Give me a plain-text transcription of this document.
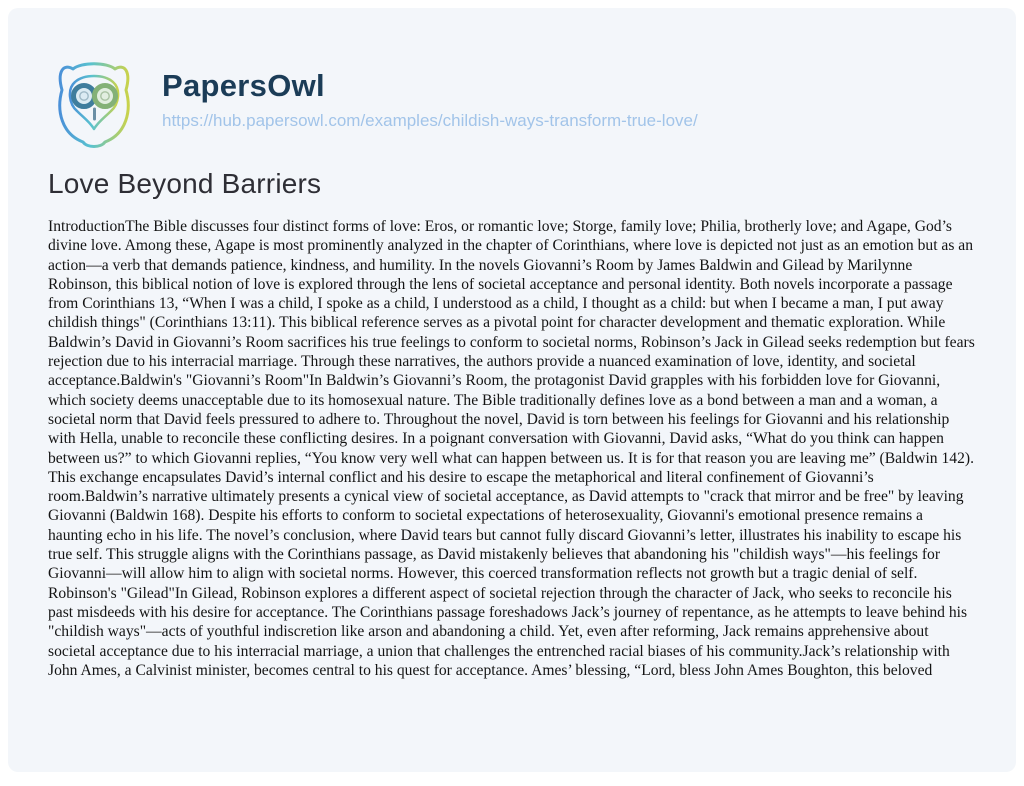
PapersOwl
https://hub.papersowl.com/examples/childish-ways-transform-true-love/
Love Beyond Barriers

IntroductionThe Bible discusses four distinct forms of love: Eros, or romantic love; Storge, family love; Philia, brotherly love; and Agape, God’s divine love. Among these, Agape is most prominently analyzed in the chapter of Corinthians, where love is depicted not just as an emotion but as an action—a verb that demands patience, kindness, and humility. In the novels Giovanni’s Room by James Baldwin and Gilead by Marilynne Robinson, this biblical notion of love is explored through the lens of societal acceptance and personal identity. Both novels incorporate a passage from Corinthians 13, “When I was a child, I spoke as a child, I understood as a child, I thought as a child: but when I became a man, I put away childish things" (Corinthians 13:11). This biblical reference serves as a pivotal point for character development and thematic exploration. While Baldwin’s David in Giovanni’s Room sacrifices his true feelings to conform to societal norms, Robinson’s Jack in Gilead seeks redemption but fears rejection due to his interracial marriage. Through these narratives, the authors provide a nuanced examination of love, identity, and societal acceptance.Baldwin's "Giovanni’s Room"In Baldwin’s Giovanni’s Room, the protagonist David grapples with his forbidden love for Giovanni, which society deems unacceptable due to its homosexual nature. The Bible traditionally defines love as a bond between a man and a woman, a societal norm that David feels pressured to adhere to. Throughout the novel, David is torn between his feelings for Giovanni and his relationship with Hella, unable to reconcile these conflicting desires. In a poignant conversation with Giovanni, David asks, “What do you think can happen between us?” to which Giovanni replies, “You know very well what can happen between us. It is for that reason you are leaving me” (Baldwin 142). This exchange encapsulates David’s internal conflict and his desire to escape the metaphorical and literal confinement of Giovanni’s room.Baldwin’s narrative ultimately presents a cynical view of societal acceptance, as David attempts to "crack that mirror and be free" by leaving Giovanni (Baldwin 168). Despite his efforts to conform to societal expectations of heterosexuality, Giovanni's emotional presence remains a haunting echo in his life. The novel’s conclusion, where David tears but cannot fully discard Giovanni’s letter, illustrates his inability to escape his true self. This struggle aligns with the Corinthians passage, as David mistakenly believes that abandoning his "childish ways"—his feelings for Giovanni—will allow him to align with societal norms. However, this coerced transformation reflects not growth but a tragic denial of self. Robinson's "Gilead"In Gilead, Robinson explores a different aspect of societal rejection through the character of Jack, who seeks to reconcile his past misdeeds with his desire for acceptance. The Corinthians passage foreshadows Jack’s journey of repentance, as he attempts to leave behind his "childish ways"—acts of youthful indiscretion like arson and abandoning a child. Yet, even after reforming, Jack remains apprehensive about societal acceptance due to his interracial marriage, a union that challenges the entrenched racial biases of his community.Jack’s relationship with John Ames, a Calvinist minister, becomes central to his quest for acceptance. Ames’ blessing, “Lord, bless John Ames Boughton, this beloved
